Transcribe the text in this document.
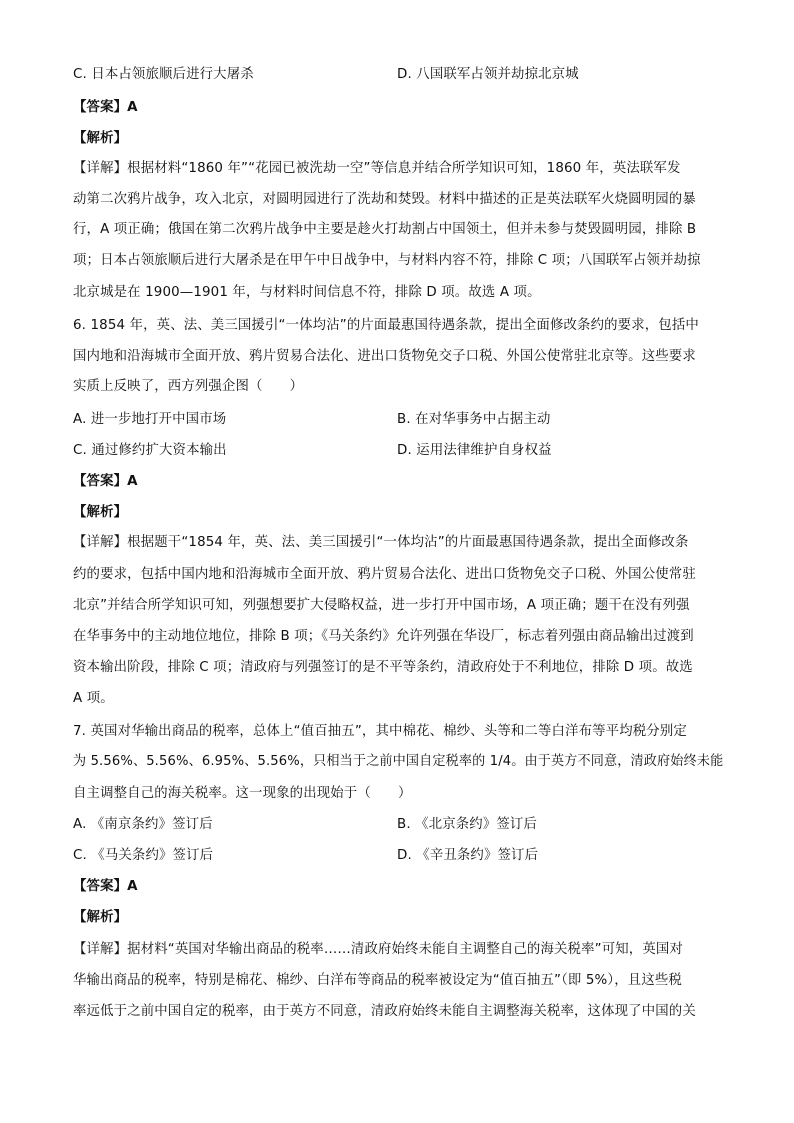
C. 日本占领旅顺后进行大屠杀	D. 八国联军占领并劫掠北京城
【答案】A
【解析】
【详解】根据材料“1860 年”“花园已被洗劫一空”等信息并结合所学知识可知，1860 年，英法联军发
动第二次鸦片战争，攻入北京，对圆明园进行了洗劫和焚毁。材料中描述的正是英法联军火烧圆明园的暴
行，A 项正确；俄国在第二次鸦片战争中主要是趁火打劫割占中国领土，但并未参与焚毁圆明园，排除 B
项；日本占领旅顺后进行大屠杀是在甲午中日战争中，与材料内容不符，排除 C 项；八国联军占领并劫掠
北京城是在 1900—1901 年，与材料时间信息不符，排除 D 项。故选 A 项。
6. 1854 年，英、法、美三国援引“一体均沾”的片面最惠国待遇条款，提出全面修改条约的要求，包括中
国内地和沿海城市全面开放、鸦片贸易合法化、进出口货物免交子口税、外国公使常驻北京等。这些要求
实质上反映了，西方列强企图（　　）
A. 进一步地打开中国市场	B. 在对华事务中占据主动
C. 通过修约扩大资本输出	D. 运用法律维护自身权益
【答案】A
【解析】
【详解】根据题干“1854 年，英、法、美三国援引“一体均沾”的片面最惠国待遇条款，提出全面修改条
约的要求，包括中国内地和沿海城市全面开放、鸦片贸易合法化、进出口货物免交子口税、外国公使常驻
北京”并结合所学知识可知，列强想要扩大侵略权益，进一步打开中国市场，A 项正确；题干在没有列强
在华事务中的主动地位地位，排除 B 项；《马关条约》允许列强在华设厂，标志着列强由商品输出过渡到
资本输出阶段，排除 C 项；清政府与列强签订的是不平等条约，清政府处于不利地位，排除 D 项。故选
A 项。
7. 英国对华输出商品的税率，总体上“值百抽五”，其中棉花、棉纱、头等和二等白洋布等平均税分别定
为 5.56%、5.56%、6.95%、5.56%，只相当于之前中国自定税率的 1/4。由于英方不同意，清政府始终未能
自主调整自己的海关税率。这一现象的出现始于（　　）
A. 《南京条约》签订后	B. 《北京条约》签订后
C. 《马关条约》签订后	D. 《辛丑条约》签订后
【答案】A
【解析】
【详解】据材料“英国对华输出商品的税率……清政府始终未能自主调整自己的海关税率”可知，英国对
华输出商品的税率，特别是棉花、棉纱、白洋布等商品的税率被设定为“值百抽五”（即 5%），且这些税
率远低于之前中国自定的税率，由于英方不同意，清政府始终未能自主调整海关税率，这体现了中国的关
